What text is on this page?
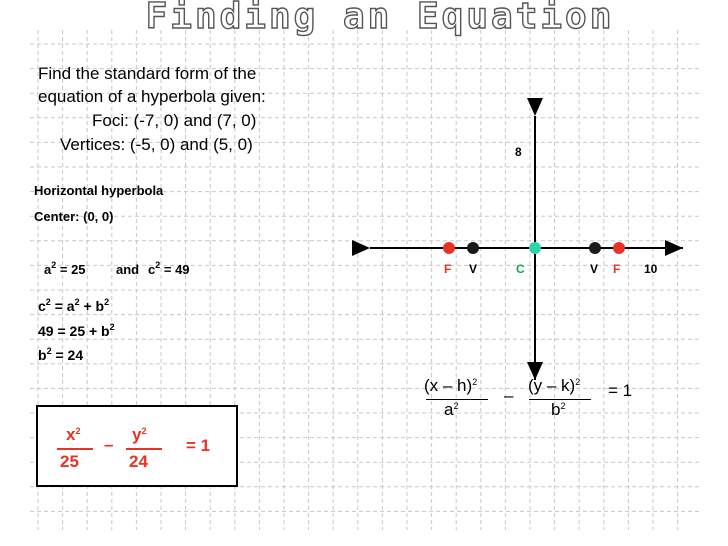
Finding an Equation
Find the standard form of the
equation of a hyperbola given:
Foci: (-7, 0) and (7, 0)
Vertices: (-5, 0) and (5, 0)
Horizontal hyperbola
Center: (0, 0)
$a^2 = 25$ and $c^2 = 49$
$c^2 = a^2 + b^2$
$49 = 25 + b^2$
$b^2 = 24$
8
10
F V	C	V F
(x – h)$^2$
$a^2$
–
(y – k)$^2$
$b^2$
= 1
$x^2$
25
–
$y^2$
24
= 1
